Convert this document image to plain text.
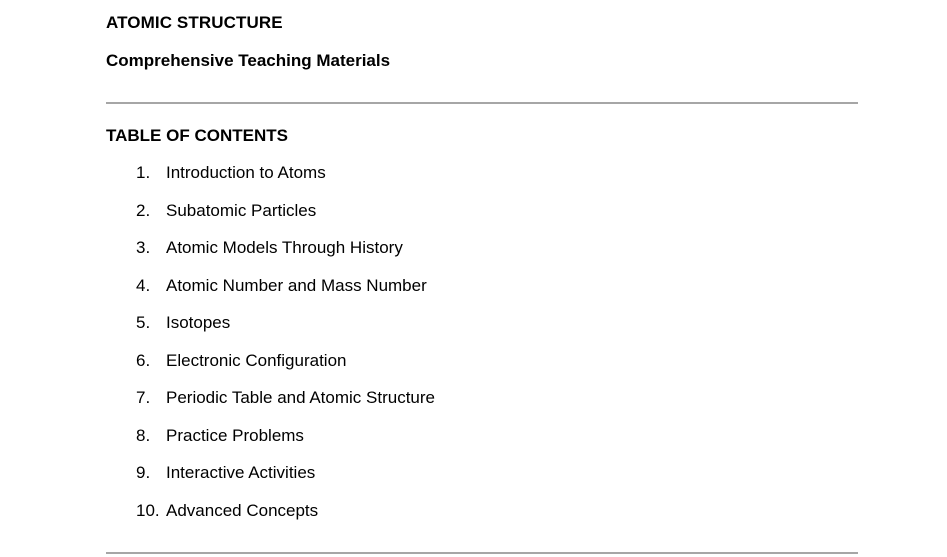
ATOMIC STRUCTURE
Comprehensive Teaching Materials
TABLE OF CONTENTS
1. Introduction to Atoms
2. Subatomic Particles
3. Atomic Models Through History
4. Atomic Number and Mass Number
5. Isotopes
6. Electronic Configuration
7. Periodic Table and Atomic Structure
8. Practice Problems
9. Interactive Activities
10. Advanced Concepts
